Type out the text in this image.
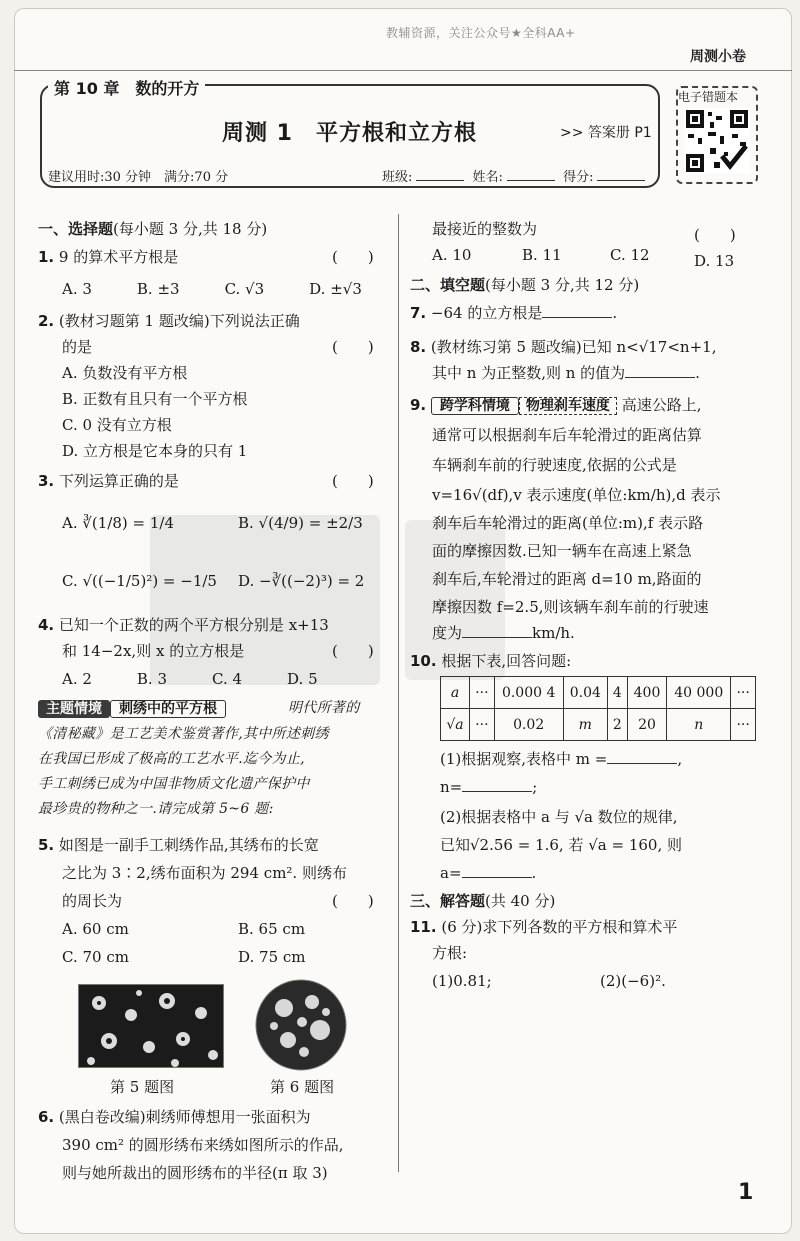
教辅资源，关注公众号★全科AA+
周测小卷
第 10 章　数的开方
周测 1　平方根和立方根	>> 答案册 P1
建议用时:30 分钟　满分:70 分	班级:	姓名:	得分:
电子错题本
一、选择题(每小题 3 分,共 18 分)
1. 9 的算术平方根是	(　　)
A. 3　　　B. ±3　　　C. √3　　　D. ±√3
2. (教材习题第 1 题改编)下列说法正确
的是	(　　)
A. 负数没有平方根
B. 正数有且只有一个平方根
C. 0 没有立方根
D. 立方根是它本身的只有 1
3. 下列运算正确的是	(　　)
A. ∛(1/8) = 1/4	B. √(4/9) = ±2/3
C. √((−1/5)²) = −1/5 D. −∛((−2)³) = 2
4. 已知一个正数的两个平方根分别是 x+13
和 14−2x,则 x 的立方根是	(　　)
A. 2　　　B. 3　　　C. 4　　　D. 5
主题情境 刺绣中的平方根	明代所著的
《清秘藏》是工艺美术鉴赏著作,其中所述刺绣
在我国已形成了极高的工艺水平.迄今为止,
手工刺绣已成为中国非物质文化遗产保护中
最珍贵的物种之一.请完成第 5~6 题:
5. 如图是一副手工刺绣作品,其绣布的长宽
之比为 3∶2,绣布面积为 294 cm². 则绣布
的周长为	(　　)
A. 60 cm	B. 65 cm
C. 70 cm	D. 75 cm
第 5 题图	第 6 题图
6. (黑白卷改编)刺绣师傅想用一张面积为
390 cm² 的圆形绣布来绣如图所示的作品,
则与她所裁出的圆形绣布的半径(π 取 3)
最接近的整数为	(　　)
A. 10	B. 11	C. 12	D. 13
二、填空题(每小题 3 分,共 12 分)
7. −64 的立方根是	.
8. (教材练习第 5 题改编)已知 n<√17<n+1,
其中 n 为正整数,则 n 的值为	.
9. 跨学科情境 物理刹车速度 高速公路上,
通常可以根据刹车后车轮滑过的距离估算
车辆刹车前的行驶速度,依据的公式是
v=16√(df),v 表示速度(单位:km/h),d 表示
刹车后车轮滑过的距离(单位:m),f 表示路
面的摩擦因数.已知一辆车在高速上紧急
刹车后,车轮滑过的距离 d=10 m,路面的
摩擦因数 f=2.5,则该辆车刹车前的行驶速
度为	km/h.
10. 根据下表,回答问题:
a	···	0.000 4	0.04	4	400	40 000	···
√a	···	0.02	m	2	20	n	···
(1)根据观察,表格中 m =	,
n=	;
(2)根据表格中 a 与 √a 数位的规律,
已知√2.56 = 1.6, 若 √a = 160, 则
a=	.
三、解答题(共 40 分)
11. (6 分)求下列各数的平方根和算术平
方根:
(1)0.81;	(2)(−6)².
1
